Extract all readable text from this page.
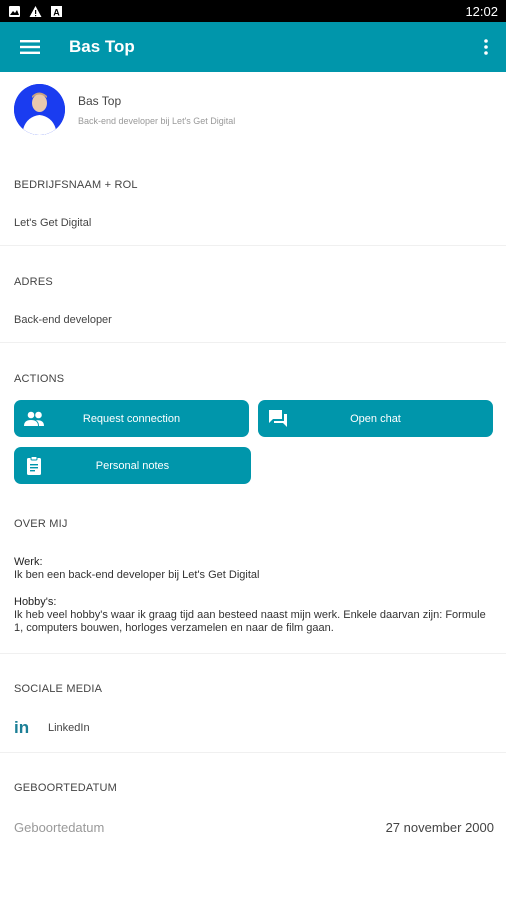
A	12:02
Bas Top
Bas Top
Back-end developer bij Let's Get Digital
BEDRIJFSNAAM + ROL
Let's Get Digital
ADRES
Back-end developer
ACTIONS
Request connection	Open chat
Personal notes
OVER MIJ
Werk:
Ik ben een back-end developer bij Let's Get Digital
Hobby's:
Ik heb veel hobby's waar ik graag tijd aan besteed naast mijn werk. Enkele daarvan zijn: Formule 1, computers bouwen, horloges verzamelen en naar de film gaan.
SOCIALE MEDIA
in	LinkedIn
GEBOORTEDATUM
Geboortedatum	27 november 2000
